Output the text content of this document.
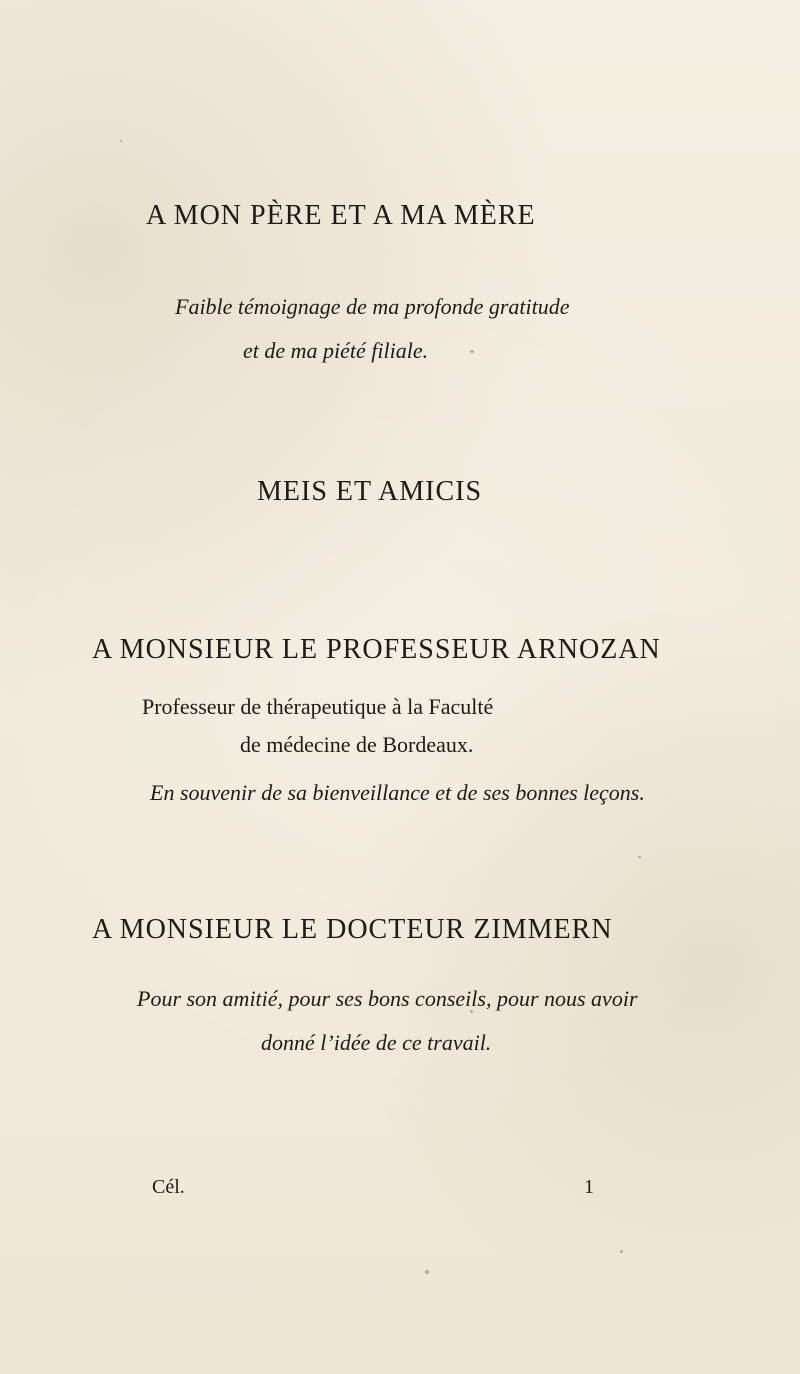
A MON PÈRE ET A MA MÈRE
Faible témoignage de ma profonde gratitude
et de ma piété filiale.
MEIS ET AMICIS
A MONSIEUR LE PROFESSEUR ARNOZAN
Professeur de thérapeutique à la Faculté
de médecine de Bordeaux.
En souvenir de sa bienveillance et de ses bonnes leçons.
A MONSIEUR LE DOCTEUR ZIMMERN
Pour son amitié, pour ses bons conseils, pour nous avoir
donné l’idée de ce travail.
Cél.	1
